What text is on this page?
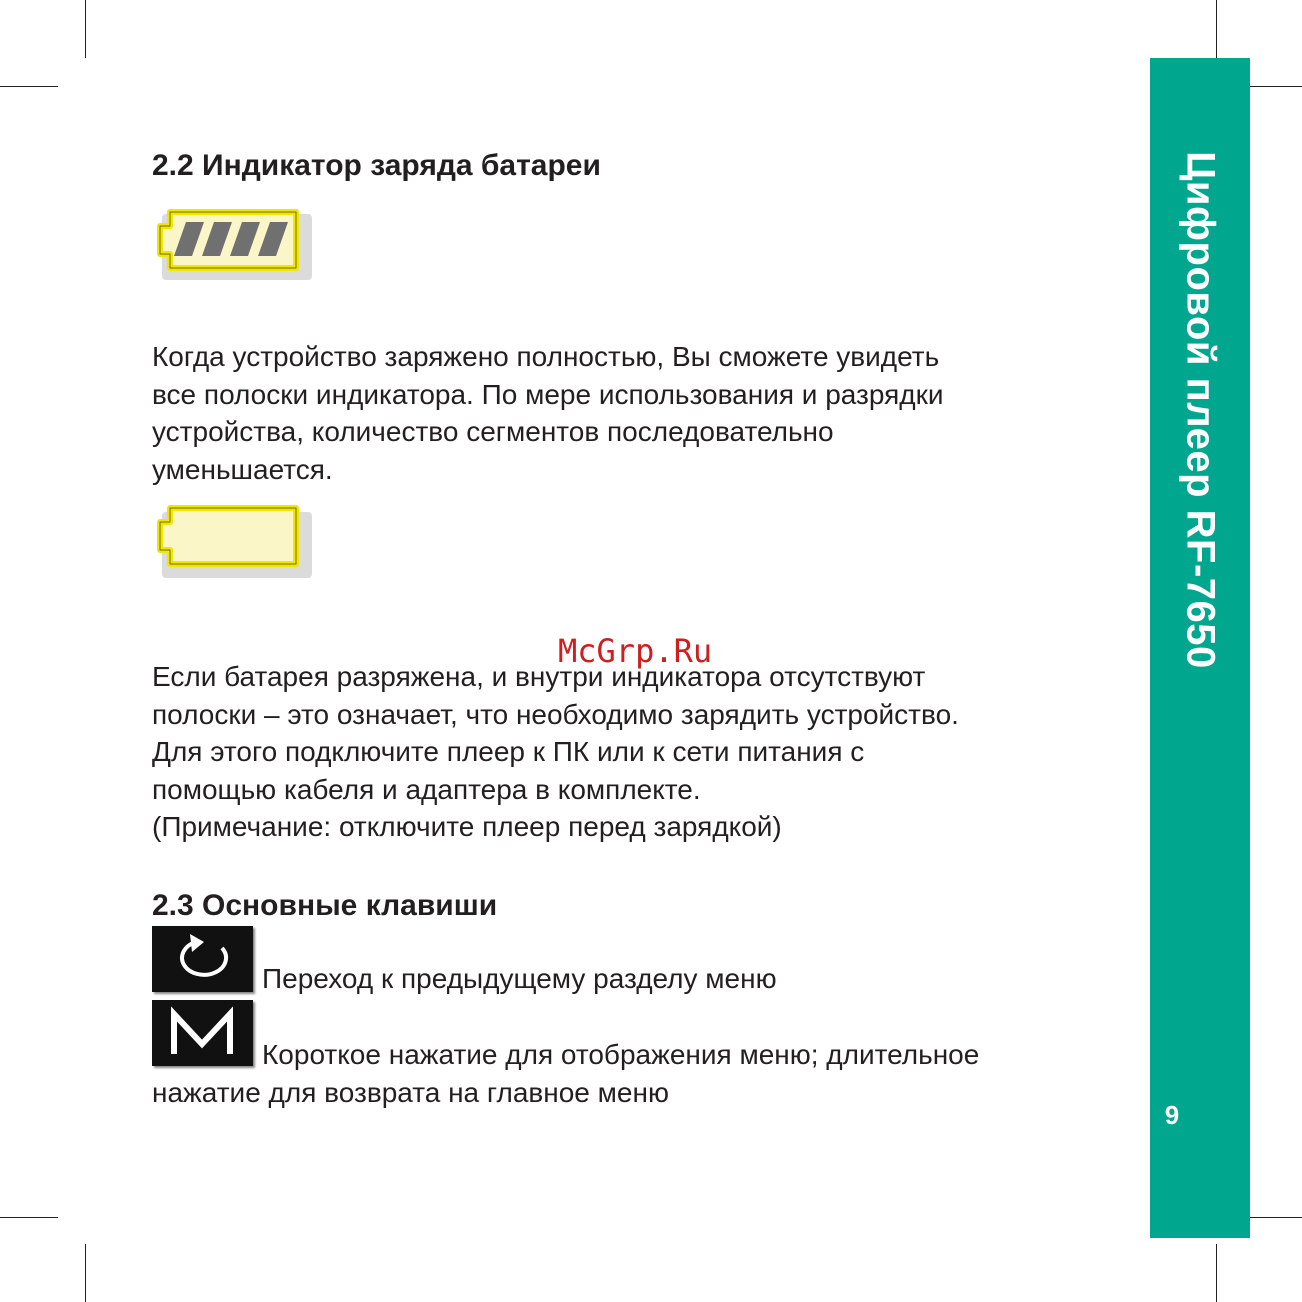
Цифровой плеер RF-7650
9
2.2 Индикатор заряда батареи
Когда устройство заряжено полностью, Вы сможете увидеть
все полоски индикатора. По мере использования и разрядки
устройства, количество сегментов последовательно
уменьшается.
Если батарея разряжена, и внутри индикатора отсутствуют
полоски – это означает, что необходимо зарядить устройство.
Для этого подключите плеер к ПК или к сети питания с
помощью кабеля и адаптера в комплекте.
(Примечание: отключите плеер перед зарядкой)
McGrp.Ru
2.3 Основные клавиши
Переход к предыдущему разделу меню
Короткое нажатие для отображения меню; длительное
нажатие для возврата на главное меню
